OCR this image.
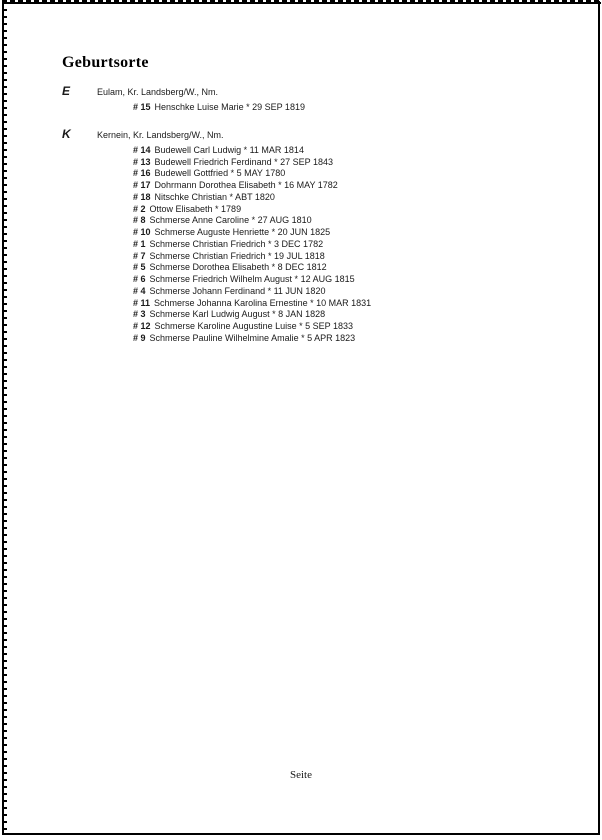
Geburtsorte
E	Eulam, Kr. Landsberg/W., Nm.
# 15 Henschke Luise Marie * 29 SEP 1819
K	Kernein, Kr. Landsberg/W., Nm.
# 14 Budewell Carl Ludwig * 11 MAR 1814
# 13 Budewell Friedrich Ferdinand * 27 SEP 1843
# 16 Budewell Gottfried * 5 MAY 1780
# 17 Dohrmann Dorothea Elisabeth * 16 MAY 1782
# 18 Nitschke Christian * ABT 1820
# 2 Ottow Elisabeth * 1789
# 8 Schmerse Anne Caroline * 27 AUG 1810
# 10 Schmerse Auguste Henriette * 20 JUN 1825
# 1 Schmerse Christian Friedrich * 3 DEC 1782
# 7 Schmerse Christian Friedrich * 19 JUL 1818
# 5 Schmerse Dorothea Elisabeth * 8 DEC 1812
# 6 Schmerse Friedrich Wilhelm August * 12 AUG 1815
# 4 Schmerse Johann Ferdinand * 11 JUN 1820
# 11 Schmerse Johanna Karolina Ernestine * 10 MAR 1831
# 3 Schmerse Karl Ludwig August * 8 JAN 1828
# 12 Schmerse Karoline Augustine Luise * 5 SEP 1833
# 9 Schmerse Pauline Wilhelmine Amalie * 5 APR 1823
Seite
